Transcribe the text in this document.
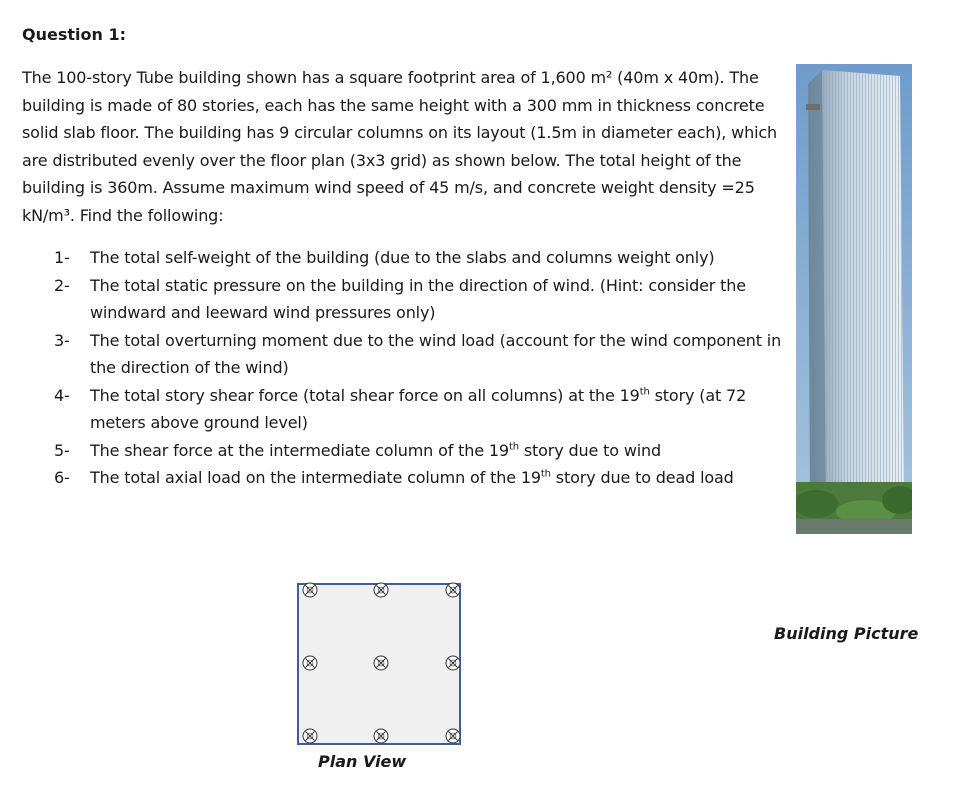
Question 1:

The 100-story Tube building shown has a square footprint area of 1,600 m² (40m x 40m). The building is made of 80 stories, each has the same height with a 300 mm in thickness concrete solid slab floor. The building has 9 circular columns on its layout (1.5m in diameter each), which are distributed evenly over the floor plan (3x3 grid) as shown below. The total height of the building is 360m. Assume maximum wind speed of 45 m/s, and concrete weight density =25 kN/m³. Find the following:

1-	The total self-weight of the building (due to the slabs and columns weight only)
2-	The total static pressure on the building in the direction of wind. (Hint: consider the windward and leeward wind pressures only)
3-	The total overturning moment due to the wind load (account for the wind component in the direction of the wind)
4-	The total story shear force (total shear force on all columns) at the 19th story (at 72 meters above ground level)
5-	The shear force at the intermediate column of the 19th story due to wind
6-	The total axial load on the intermediate column of the 19th story due to dead load
Plan View
Building Picture
